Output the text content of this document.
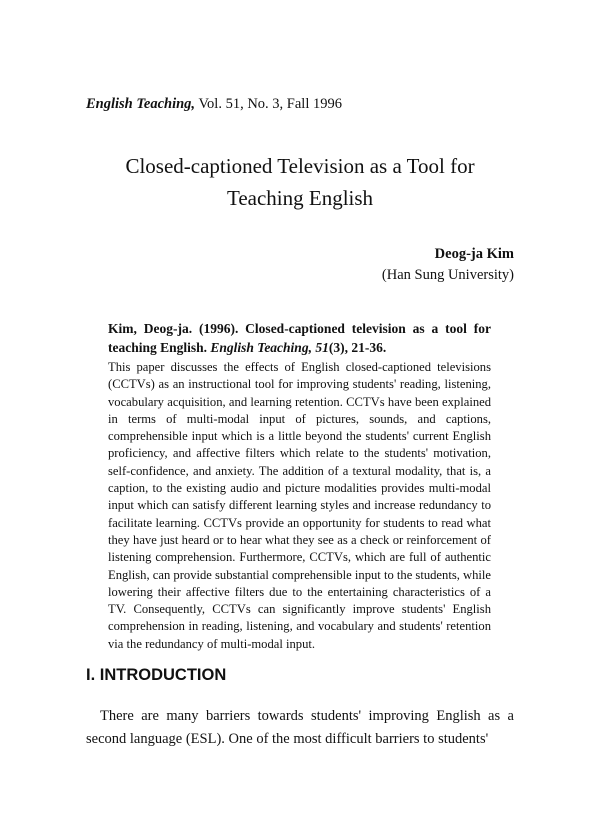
English Teaching, Vol. 51, No. 3, Fall 1996
Closed-captioned Television as a Tool for
Teaching English
Deog-ja Kim
(Han Sung University)
Kim, Deog-ja. (1996). Closed-captioned television as a tool for teaching English. English Teaching, 51(3), 21-36.
This paper discusses the effects of English closed-captioned televisions (CCTVs) as an instructional tool for improving students' reading, listening, vocabulary acquisition, and learning retention. CCTVs have been explained in terms of multi-modal input of pictures, sounds, and captions, comprehensible input which is a little beyond the students' current English proficiency, and affective filters which relate to the students' motivation, self-confidence, and anxiety. The addition of a textural modality, that is, a caption, to the existing audio and picture modalities provides multi-modal input which can satisfy different learning styles and increase redundancy to facilitate learning. CCTVs provide an opportunity for students to read what they have just heard or to hear what they see as a check or reinforcement of listening comprehension. Furthermore, CCTVs, which are full of authentic English, can provide substantial comprehensible input to the students, while lowering their affective filters due to the entertaining characteristics of a TV. Consequently, CCTVs can significantly improve students' English comprehension in reading, listening, and vocabulary and students' retention via the redundancy of multi-modal input.
I. INTRODUCTION
There are many barriers towards students' improving English as a second language (ESL). One of the most difficult barriers to students'
